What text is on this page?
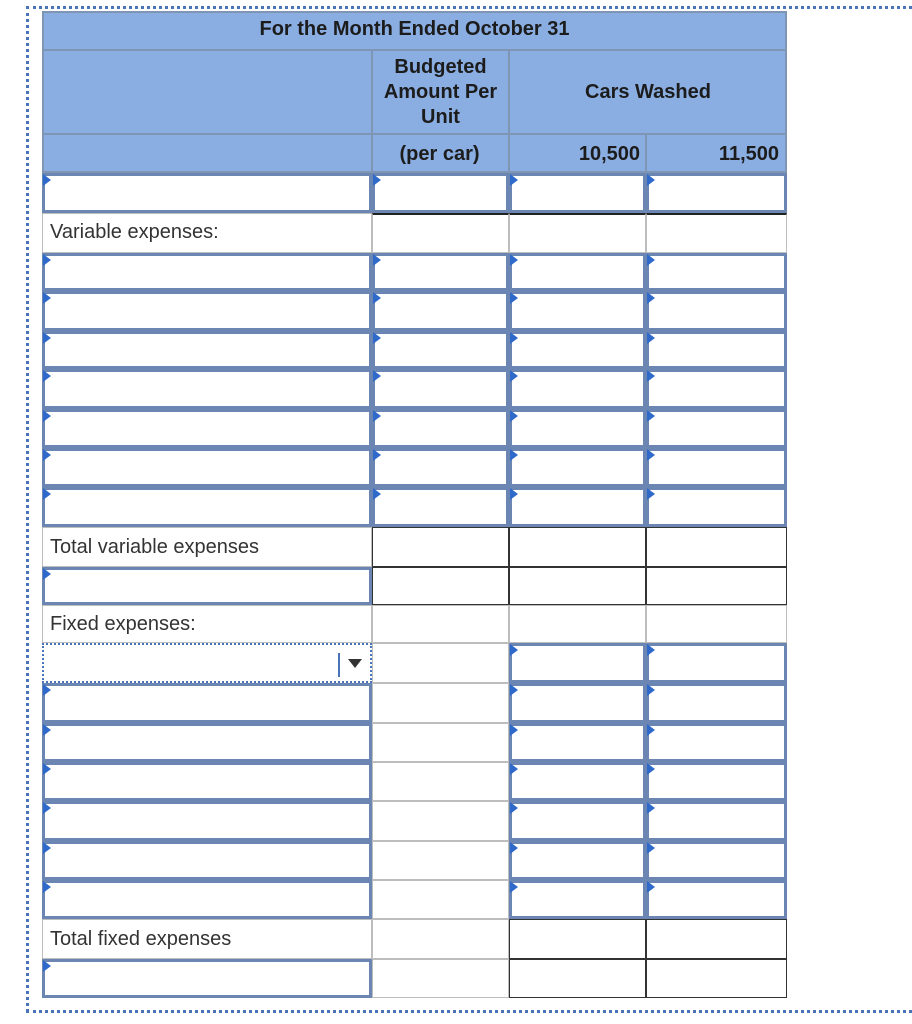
For the Month Ended October 31
Budgeted
Amount Per
Unit
Cars Washed
(per car)	10,500	11,500
Variable expenses:
Total variable expenses
Fixed expenses:
Total fixed expenses
